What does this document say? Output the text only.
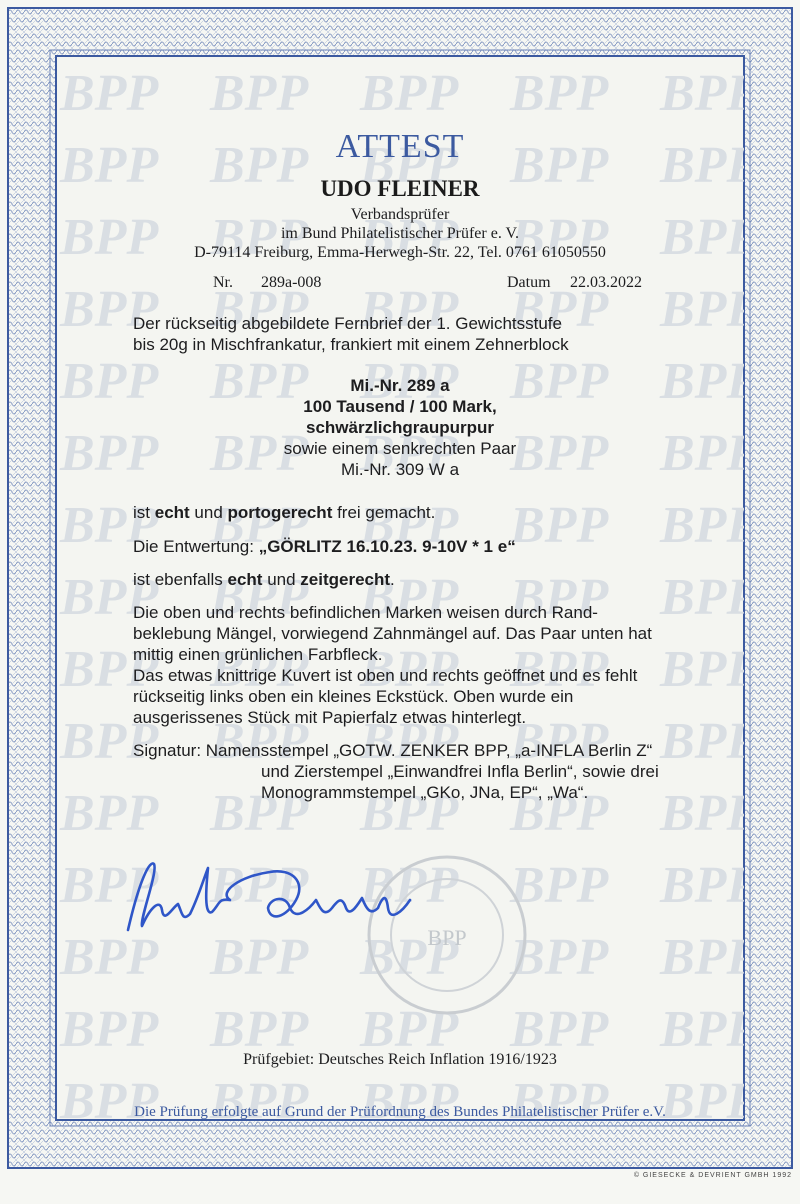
ATTEST
UDO FLEINER
Verbandsprüfer
im Bund Philatelistischer Prüfer e. V.
D-79114 Freiburg, Emma-Herwegh-Str. 22, Tel. 0761 61050550
Nr. 289a-008	Datum 22.03.2022
Der rückseitig abgebildete Fernbrief der 1. Gewichtsstufe
bis 20g in Mischfrankatur, frankiert mit einem Zehnerblock
Mi.-Nr. 289 a
100 Tausend / 100 Mark,
schwärzlichgraupurpur
sowie einem senkrechten Paar
Mi.-Nr. 309 W a
ist echt und portogerecht frei gemacht.
Die Entwertung: „GÖRLITZ 16.10.23. 9-10V * 1 e“
ist ebenfalls echt und zeitgerecht.
Die oben und rechts befindlichen Marken weisen durch Rand-
beklebung Mängel, vorwiegend Zahnmängel auf. Das Paar unten hat
mittig einen grünlichen Farbfleck.
Das etwas knittrige Kuvert ist oben und rechts geöffnet und es fehlt
rückseitig links oben ein kleines Eckstück. Oben wurde ein
ausgerissenes Stück mit Papierfalz etwas hinterlegt.
Signatur: Namensstempel „GOTW. ZENKER BPP, „a-INFLA Berlin Z“
und Zierstempel „Einwandfrei Infla Berlin“, sowie drei
Monogrammstempel „GKo, JNa, EP“, „Wa“.
BPP
Prüfgebiet: Deutsches Reich Inflation 1916/1923
Die Prüfung erfolgte auf Grund der Prüfordnung des Bundes Philatelistischer Prüfer e.V.
© GIESECKE & DEVRIENT GMBH 1992
